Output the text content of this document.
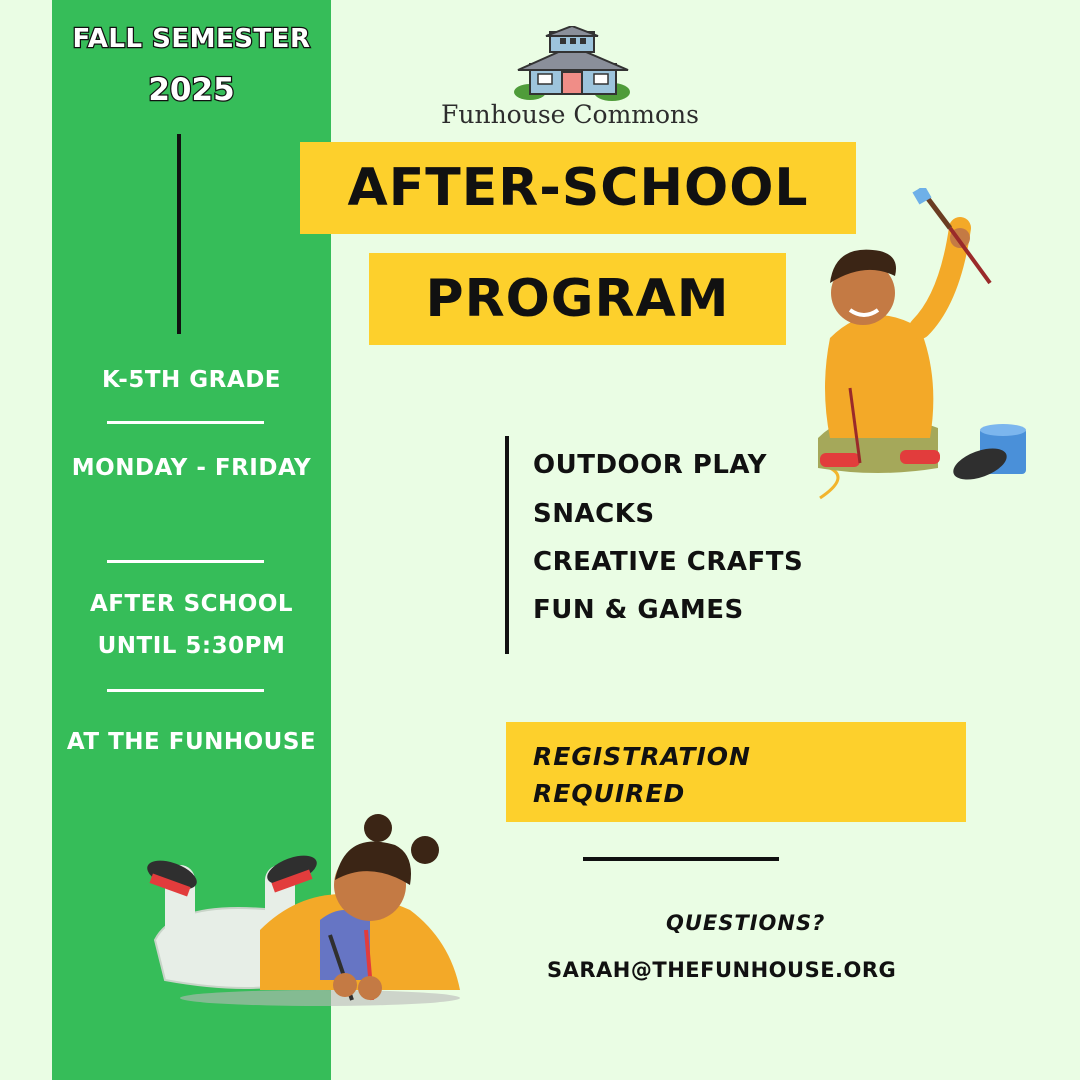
FALL SEMESTER
2025
K-5TH GRADE
MONDAY - FRIDAY
AFTER SCHOOL UNTIL 5:30PM
AT THE FUNHOUSE
Funhouse Commons
AFTER-SCHOOL
PROGRAM
OUTDOOR PLAY
SNACKS
CREATIVE CRAFTS
FUN & GAMES
REGISTRATION REQUIRED
QUESTIONS?
SARAH@THEFUNHOUSE.ORG
